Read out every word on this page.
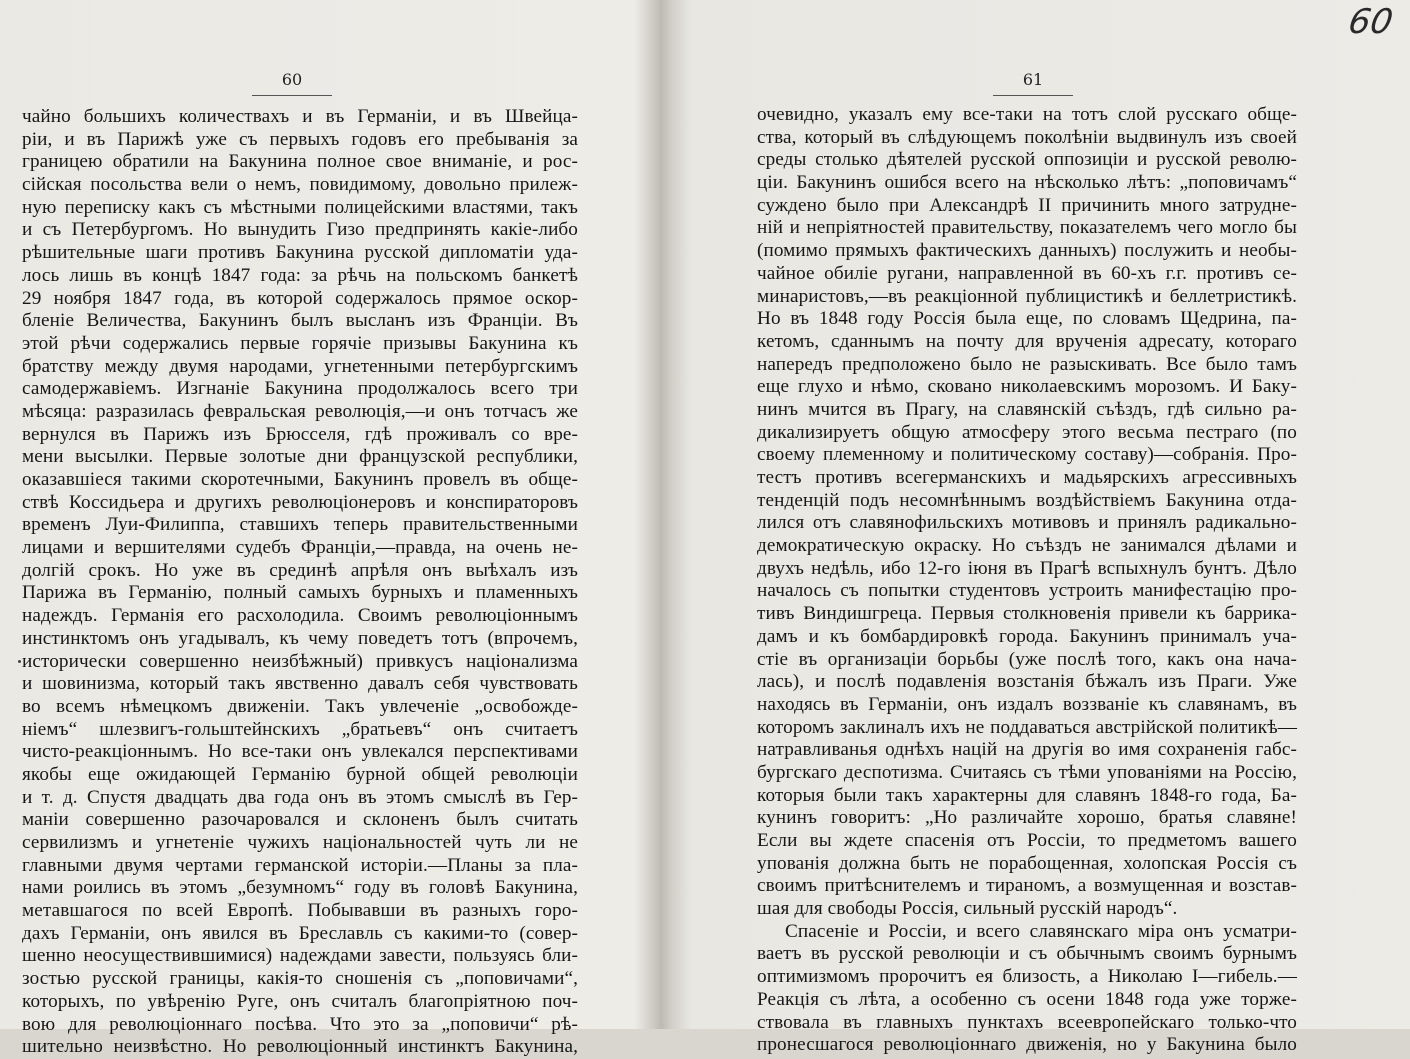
60
60
чайно большихъ количествахъ и въ Германiи, и въ Швейца-
рiи, и въ Парижѣ уже съ первыхъ годовъ его пребыванiя за
границею обратили на Бакунина полное свое вниманiе, и рос-
сiйская посольства вели о немъ, повидимому, довольно прилеж-
ную переписку какъ съ мѣстными полицейскими властями, такъ
и съ Петербургомъ. Но вынудить Гизо предпринять какiе-либо
рѣшительные шаги противъ Бакунина русской дипломатiи уда-
лось лишь въ концѣ 1847 года: за рѣчь на польскомъ банкетѣ
29 ноября 1847 года, въ которой содержалось прямое оскор-
бленiе Величества, Бакунинъ былъ высланъ изъ Францiи. Въ
этой рѣчи содержались первые горячiе призывы Бакунина къ
братству между двумя народами, угнетенными петербургскимъ
самодержавiемъ. Изгнанiе Бакунина продолжалось всего три
мѣсяца: разразилась февральская революцiя,—и онъ тотчасъ же
вернулся въ Парижъ изъ Брюсселя, гдѣ проживалъ со вре-
мени высылки. Первые золотые дни французской республики,
оказавшiеся такими скоротечными, Бакунинъ провелъ въ обще-
ствѣ Коссидьера и другихъ революцiонеровъ и конспираторовъ
временъ Луи-Филиппа, ставшихъ теперь правительственными
лицами и вершителями судебъ Францiи,—правда, на очень не-
долгiй срокъ. Но уже въ срединѣ апрѣля онъ выѣхалъ изъ
Парижа въ Германiю, полный самыхъ бурныхъ и пламенныхъ
надеждъ. Германiя его расхолодила. Своимъ революцiоннымъ
инстинктомъ онъ угадывалъ, къ чему поведетъ тотъ (впрочемъ,
исторически совершенно неизбѣжный) привкусъ нацiонализма
и шовинизма, который такъ явственно давалъ себя чувствовать
во всемъ нѣмецкомъ движенiи. Такъ увлеченiе „освобожде-
нiемъ“ шлезвигъ-гольштейнскихъ „братьевъ“ онъ считаетъ
чисто-реакцiоннымъ. Но все-таки онъ увлекался перспективами
якобы еще ожидающей Германiю бурной общей революцiи
и т. д. Спустя двадцать два года онъ въ этомъ смыслѣ въ Гер-
манiи совершенно разочаровался и склоненъ былъ считать
сервилизмъ и угнетенiе чужихъ нацiональностей чуть ли не
главными двумя чертами германской исторiи.—Планы за пла-
нами роились въ этомъ „безумномъ“ году въ головѣ Бакунина,
метавшагося по всей Европѣ. Побывавши въ разныхъ горо-
дахъ Германiи, онъ явился въ Бреславль съ какими-то (совер-
шенно неосуществившимися) надеждами завести, пользуясь бли-
зостью русской границы, какiя-то сношенiя съ „поповичами“,
которыхъ, по увѣренiю Руге, онъ считалъ благопрiятною поч-
вою для революцiоннаго посѣва. Что это за „поповичи“ рѣ-
шительно неизвѣстно. Но революцiонный инстинктъ Бакунина,
61
очевидно, указалъ ему все-таки на тотъ слой русскаго обще-
ства, который въ слѣдующемъ поколѣнiи выдвинулъ изъ своей
среды столько дѣятелей русской оппозицiи и русской револю-
цiи. Бакунинъ ошибся всего на нѣсколько лѣтъ: „поповичамъ“
суждено было при Александрѣ II причинить много затрудне-
нiй и непрiятностей правительству, показателемъ чего могло бы
(помимо прямыхъ фактическихъ данныхъ) послужить и необы-
чайное обилiе ругани, направленной въ 60-хъ г.г. противъ се-
минаристовъ,—въ реакцiонной публицистикѣ и беллетристикѣ.
Но въ 1848 году Россiя была еще, по словамъ Щедрина, па-
кетомъ, сданнымъ на почту для врученiя адресату, котораго
напередъ предположено было не разыскивать. Все было тамъ
еще глухо и нѣмо, сковано николаевскимъ морозомъ. И Баку-
нинъ мчится въ Прагу, на славянскiй съѣздъ, гдѣ сильно ра-
дикализируетъ общую атмосферу этого весьма пестраго (по
своему племенному и политическому составу)—собранiя. Про-
тестъ противъ всегерманскихъ и мадьярскихъ агрессивныхъ
тенденцiй подъ несомнѣннымъ воздѣйствiемъ Бакунина отда-
лился отъ славянофильскихъ мотивовъ и принялъ радикально-
демократическую окраску. Но съѣздъ не занимался дѣлами и
двухъ недѣль, ибо 12-го iюня въ Прагѣ вспыхнулъ бунтъ. Дѣло
началось съ попытки студентовъ устроить манифестацiю про-
тивъ Виндишгреца. Первыя столкновенiя привели къ баррика-
дамъ и къ бомбардировкѣ города. Бакунинъ принималъ уча-
стiе въ организацiи борьбы (уже послѣ того, какъ она нача-
лась), и послѣ подавленiя возстанiя бѣжалъ изъ Праги. Уже
находясь въ Германiи, онъ издалъ воззванiе къ славянамъ, въ
которомъ заклиналъ ихъ не поддаваться австрiйской политикѣ—
натравливанья однѣхъ нацiй на другiя во имя сохраненiя габс-
бургскаго деспотизма. Считаясь съ тѣми упованiями на Россiю,
которыя были такъ характерны для славянъ 1848-го года, Ба-
кунинъ говоритъ: „Но различайте хорошо, братья славяне!
Если вы ждете спасенiя отъ Россiи, то предметомъ вашего
упованiя должна быть не порабощенная, холопская Россiя съ
своимъ притѣснителемъ и тираномъ, а возмущенная и возстав-
шая для свободы Россiя, сильный русскiй народъ“.
Спасенiе и Россiи, и всего славянскаго мiра онъ усматри-
ваетъ въ русской революцiи и съ обычнымъ своимъ бурнымъ
оптимизмомъ пророчитъ ея близость, а Николаю I—гибель.—
Реакцiя съ лѣта, а особенно съ осени 1848 года уже торже-
ствовала въ главныхъ пунктахъ всеевропейскаго только-что
пронесшагося революцiоннаго движенiя, но у Бакунина было
